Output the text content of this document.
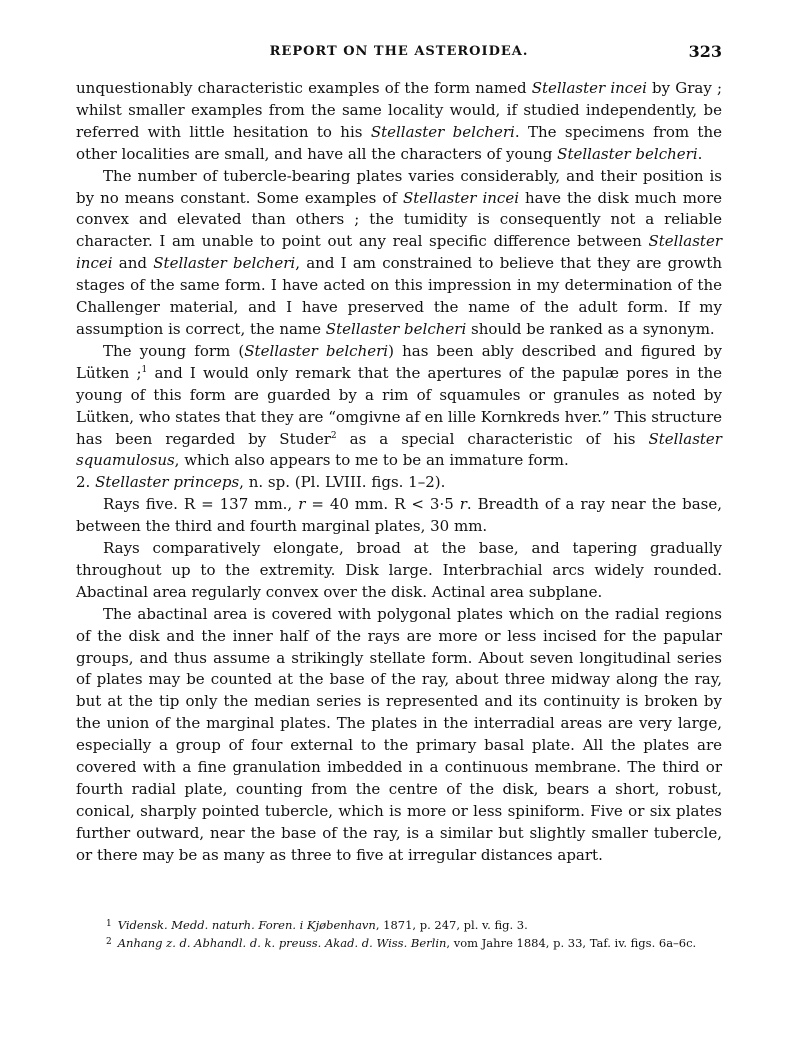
REPORT ON THE ASTEROIDEA.	323

unquestionably characteristic examples of the form named Stellaster incei by Gray ; whilst smaller examples from the same locality would, if studied independently, be referred with little hesitation to his Stellaster belcheri. The specimens from the other localities are small, and have all the characters of young Stellaster belcheri.

The number of tubercle-bearing plates varies considerably, and their position is by no means constant. Some examples of Stellaster incei have the disk much more convex and elevated than others ; the tumidity is consequently not a reliable character. I am unable to point out any real specific difference between Stellaster incei and Stellaster belcheri, and I am constrained to believe that they are growth stages of the same form. I have acted on this impression in my determination of the Challenger material, and I have preserved the name of the adult form. If my assumption is correct, the name Stellaster belcheri should be ranked as a synonym.

The young form (Stellaster belcheri) has been ably described and figured by Lütken ;$^1$ and I would only remark that the apertures of the papulæ pores in the young of this form are guarded by a rim of squamules or granules as noted by Lütken, who states that they are “omgivne af en lille Kornkreds hver.” This structure has been regarded by Studer$^2$ as a special characteristic of his Stellaster squamulosus, which also appears to me to be an immature form.

2. Stellaster princeps, n. sp. (Pl. LVIII. figs. 1–2).

Rays five. R = 137 mm., r = 40 mm. R < 3·5 r. Breadth of a ray near the base, between the third and fourth marginal plates, 30 mm.

Rays comparatively elongate, broad at the base, and tapering gradually throughout up to the extremity. Disk large. Interbrachial arcs widely rounded. Abactinal area regularly convex over the disk. Actinal area subplane.

The abactinal area is covered with polygonal plates which on the radial regions of the disk and the inner half of the rays are more or less incised for the papular groups, and thus assume a strikingly stellate form. About seven longitudinal series of plates may be counted at the base of the ray, about three midway along the ray, but at the tip only the median series is represented and its continuity is broken by the union of the marginal plates. The plates in the interradial areas are very large, especially a group of four external to the primary basal plate. All the plates are covered with a fine granulation imbedded in a continuous membrane. The third or fourth radial plate, counting from the centre of the disk, bears a short, robust, conical, sharply pointed tubercle, which is more or less spiniform. Five or six plates further outward, near the base of the ray, is a similar but slightly smaller tubercle, or there may be as many as three to five at irregular distances apart.

$^1$ Vidensk. Medd. naturh. Foren. i Kjøbenhavn, 1871, p. 247, pl. v. fig. 3.
$^2$ Anhang z. d. Abhandl. d. k. preuss. Akad. d. Wiss. Berlin, vom Jahre 1884, p. 33, Taf. iv. figs. 6a–6c.
